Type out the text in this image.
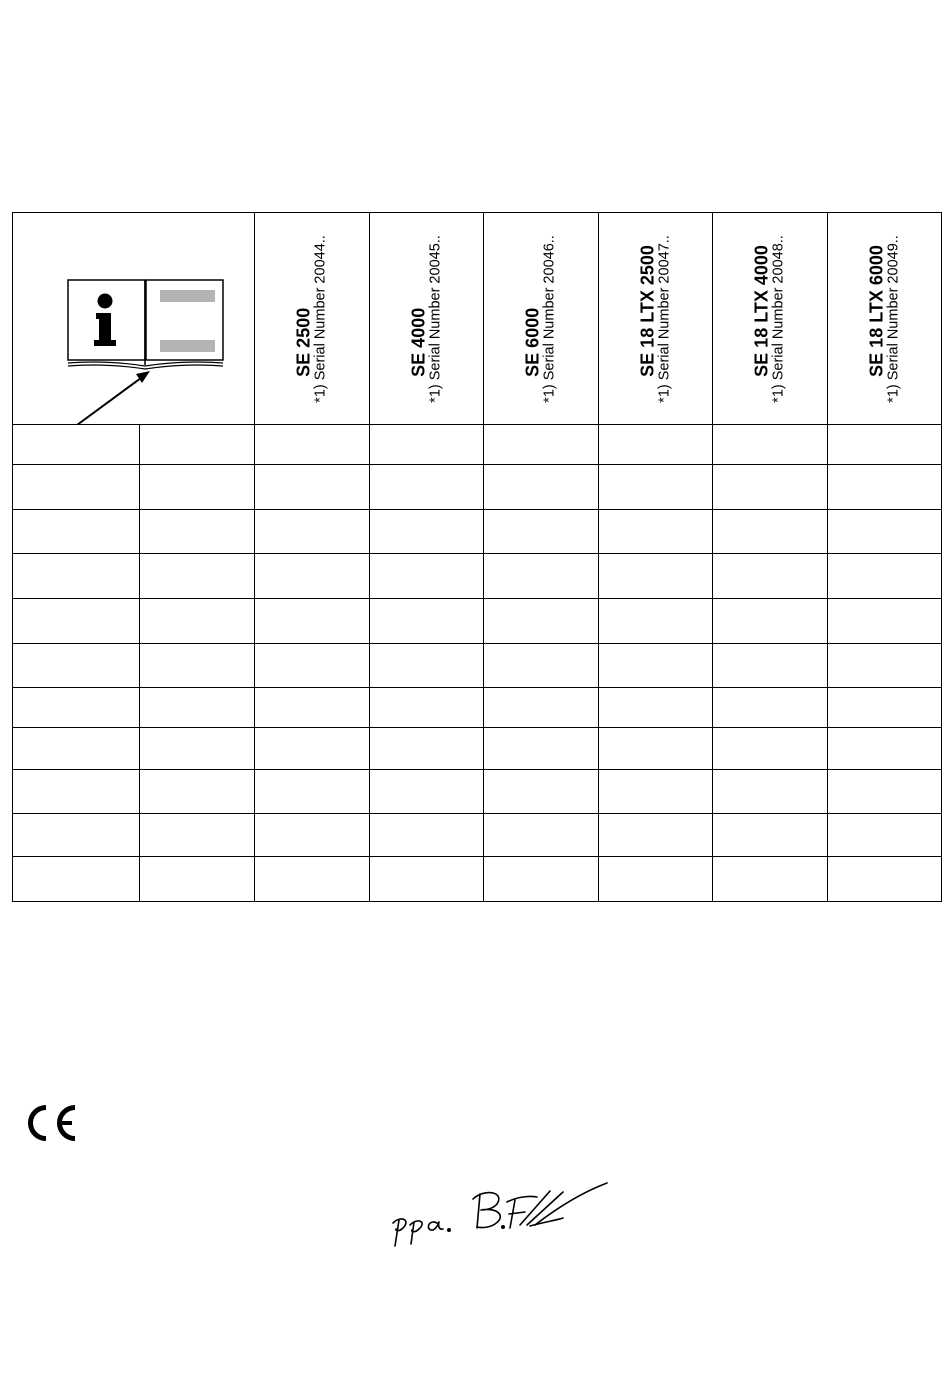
SE 2500 *1) Serial Number 20044..	SE 4000 *1) Serial Number 20045..	SE 6000 *1) Serial Number 20046..	SE 18 LTX 2500 *1) Serial Number 20047..	SE 18 LTX 4000 *1) Serial Number 20048..	SE 18 LTX 6000 *1) Serial Number 20049..
